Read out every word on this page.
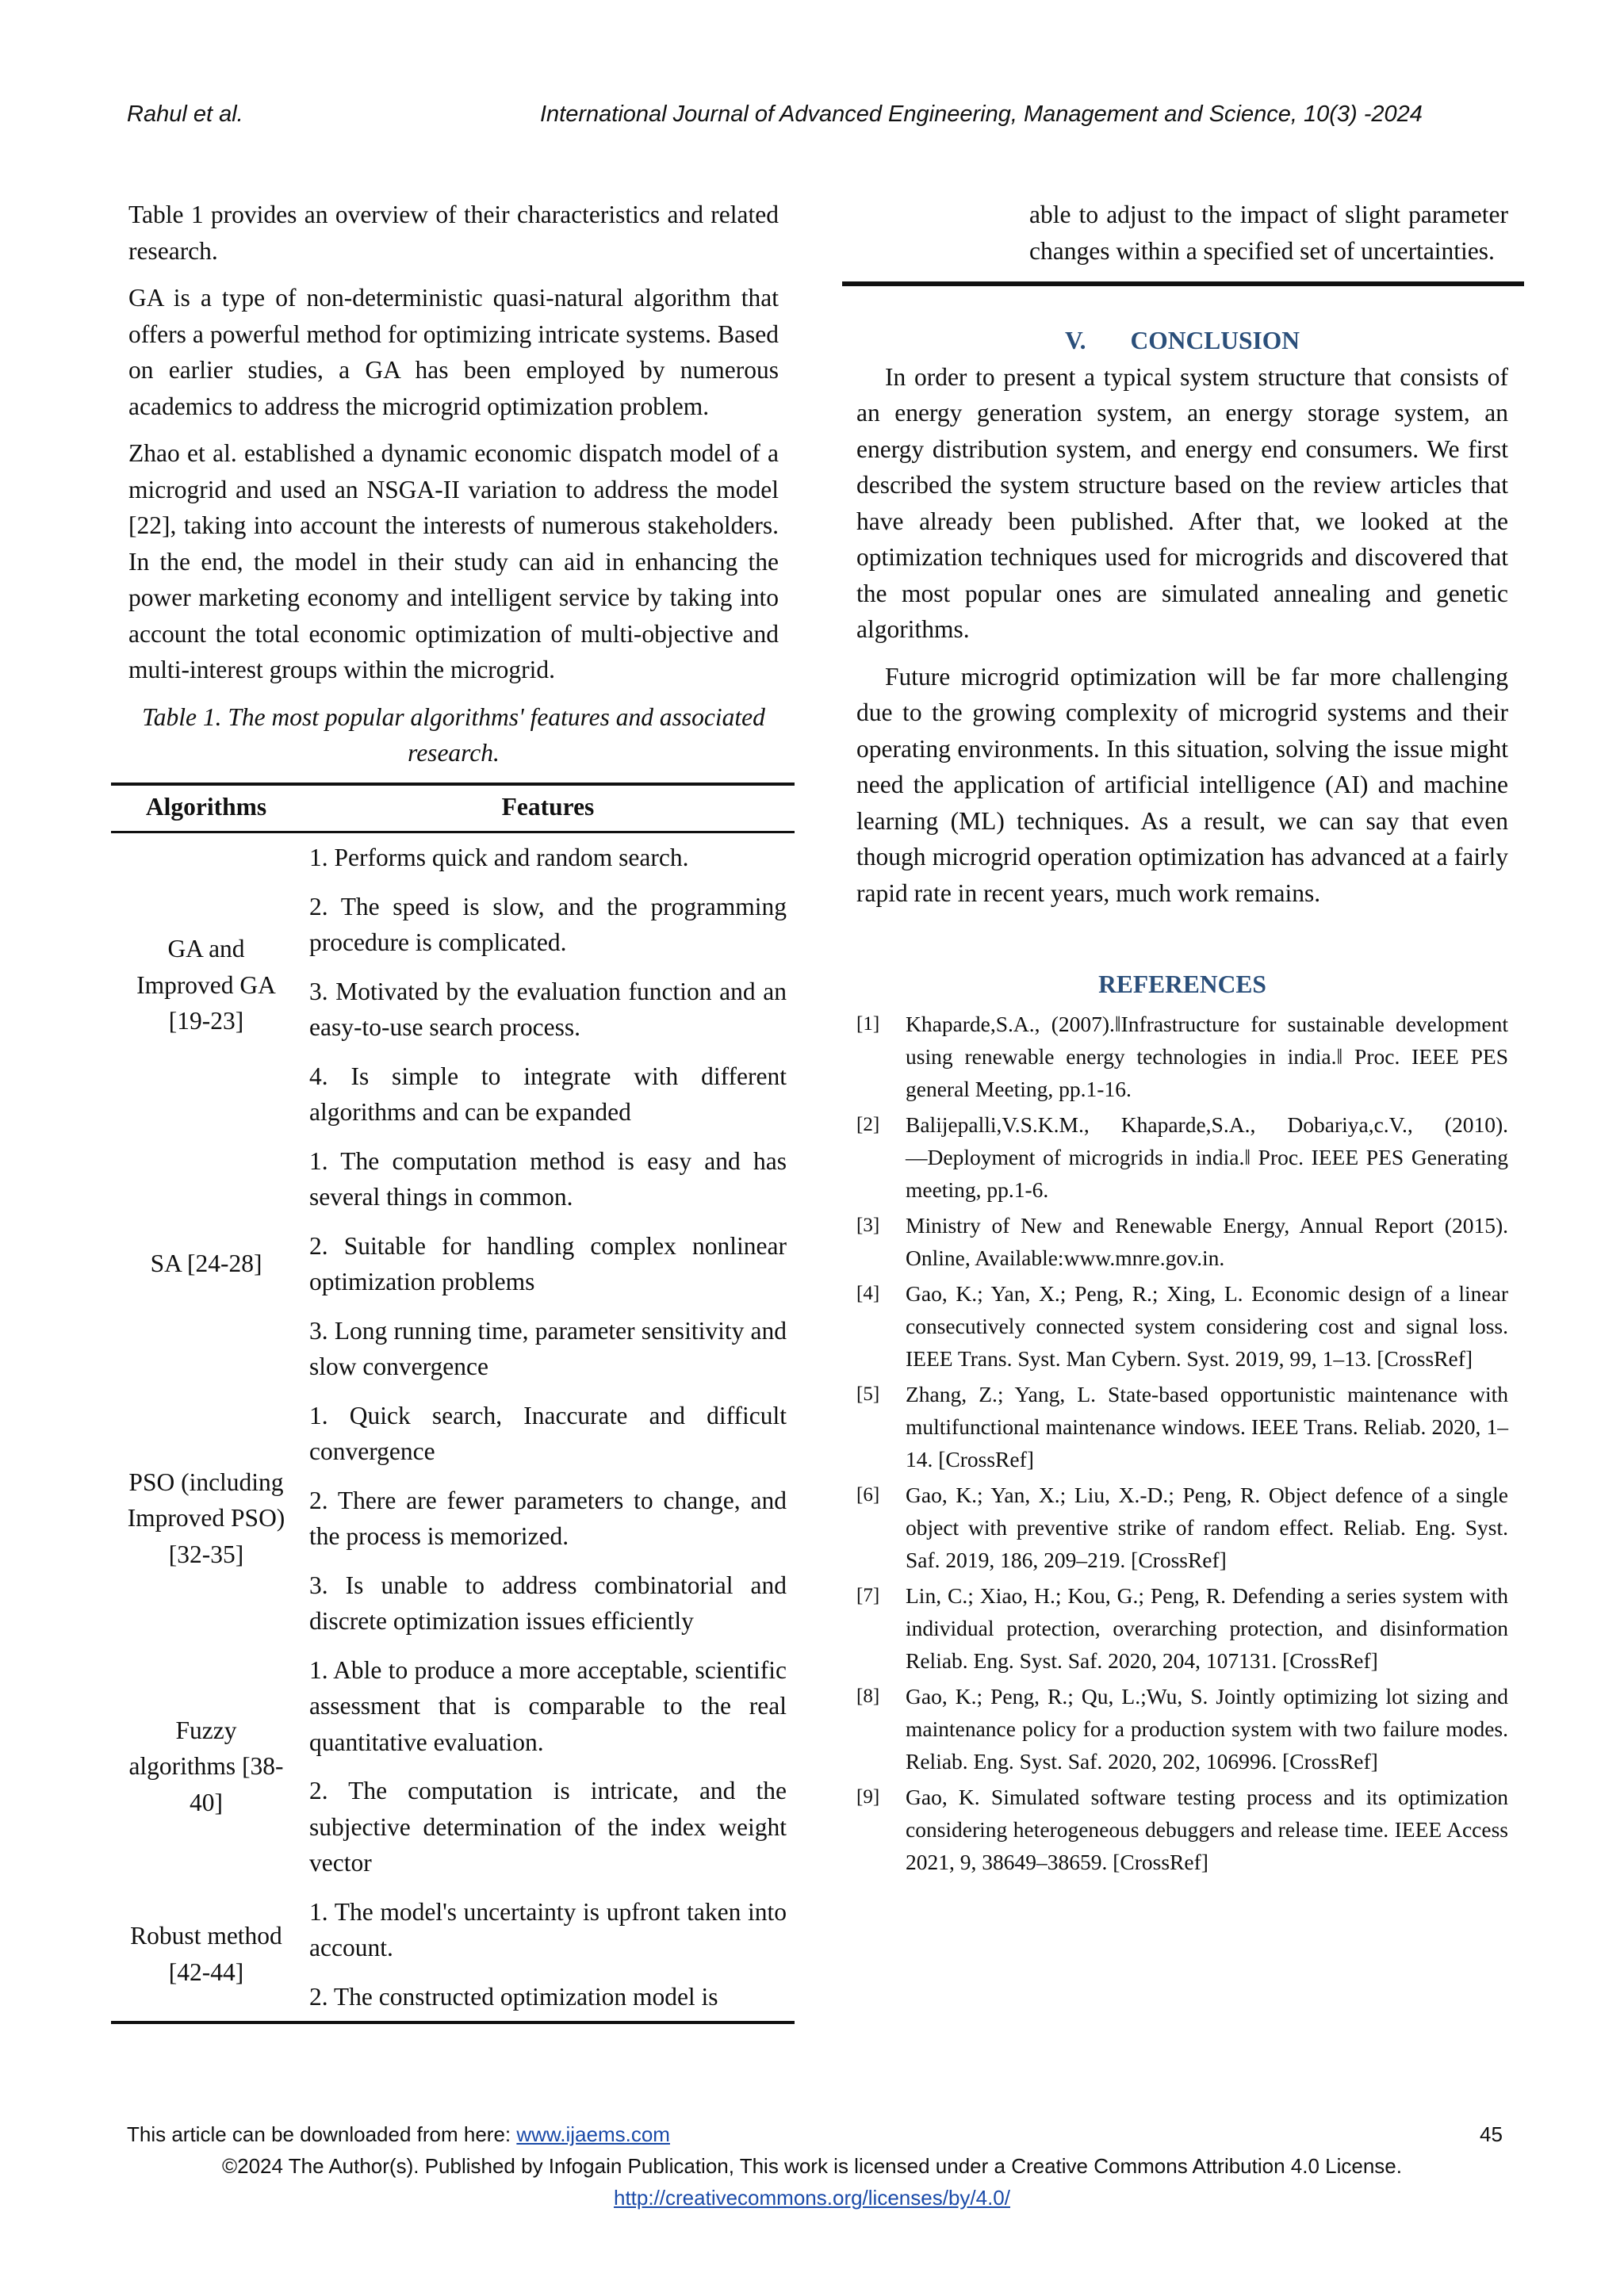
Rahul et al.	International Journal of Advanced Engineering, Management and Science, 10(3) -2024

Table 1 provides an overview of their characteristics and related research.

GA is a type of non-deterministic quasi-natural algorithm that offers a powerful method for optimizing intricate systems. Based on earlier studies, a GA has been employed by numerous academics to address the microgrid optimization problem.

Zhao et al. established a dynamic economic dispatch model of a microgrid and used an NSGA-II variation to address the model [22], taking into account the interests of numerous stakeholders. In the end, the model in their study can aid in enhancing the power marketing economy and intelligent service by taking into account the total economic optimization of multi-objective and multi-interest groups within the microgrid.

Table 1. The most popular algorithms' features and associated research.

Algorithms	Features
GA and Improved GA [19-23]	1. Performs quick and random search.
	2. The speed is slow, and the programming procedure is complicated.
	3. Motivated by the evaluation function and an easy-to-use search process.
	4. Is simple to integrate with different algorithms and can be expanded
SA [24-28]	1. The computation method is easy and has several things in common.
	2. Suitable for handling complex nonlinear optimization problems
	3. Long running time, parameter sensitivity and slow convergence
PSO (including Improved PSO) [32-35]	1. Quick search, Inaccurate and difficult convergence
	2. There are fewer parameters to change, and the process is memorized.
	3. Is unable to address combinatorial and discrete optimization issues efficiently
Fuzzy algorithms [38-40]	1. Able to produce a more acceptable, scientific assessment that is comparable to the real quantitative evaluation.
	2. The computation is intricate, and the subjective determination of the index weight vector
Robust method [42-44]	1. The model's uncertainty is upfront taken into account.
	2. The constructed optimization model is
able to adjust to the impact of slight parameter changes within a specified set of uncertainties.
V. CONCLUSION

In order to present a typical system structure that consists of an energy generation system, an energy storage system, an energy distribution system, and energy end consumers. We first described the system structure based on the review articles that have already been published. After that, we looked at the optimization techniques used for microgrids and discovered that the most popular ones are simulated annealing and genetic algorithms.

Future microgrid optimization will be far more challenging due to the growing complexity of microgrid systems and their operating environments. In this situation, solving the issue might need the application of artificial intelligence (AI) and machine learning (ML) techniques. As a result, we can say that even though microgrid operation optimization has advanced at a fairly rapid rate in recent years, much work remains.

REFERENCES
[1]	Khaparde,S.A., (2007).‖Infrastructure for sustainable development using renewable energy technologies in india.‖ Proc. IEEE PES general Meeting, pp.1-16.
[2]	Balijepalli,V.S.K.M., Khaparde,S.A., Dobariya,c.V., (2010). ―Deployment of microgrids in india.‖ Proc. IEEE PES Generating meeting, pp.1-6.
[3]	Ministry of New and Renewable Energy, Annual Report (2015). Online, Available:www.mnre.gov.in.
[4]	Gao, K.; Yan, X.; Peng, R.; Xing, L. Economic design of a linear consecutively connected system considering cost and signal loss. IEEE Trans. Syst. Man Cybern. Syst. 2019, 99, 1–13. [CrossRef]
[5]	Zhang, Z.; Yang, L. State-based opportunistic maintenance with multifunctional maintenance windows. IEEE Trans. Reliab. 2020, 1–14. [CrossRef]
[6]	Gao, K.; Yan, X.; Liu, X.-D.; Peng, R. Object defence of a single object with preventive strike of random effect. Reliab. Eng. Syst. Saf. 2019, 186, 209–219. [CrossRef]
[7]	Lin, C.; Xiao, H.; Kou, G.; Peng, R. Defending a series system with individual protection, overarching protection, and disinformation Reliab. Eng. Syst. Saf. 2020, 204, 107131. [CrossRef]
[8]	Gao, K.; Peng, R.; Qu, L.;Wu, S. Jointly optimizing lot sizing and maintenance policy for a production system with two failure modes. Reliab. Eng. Syst. Saf. 2020, 202, 106996. [CrossRef]
[9]	Gao, K. Simulated software testing process and its optimization considering heterogeneous debuggers and release time. IEEE Access 2021, 9, 38649–38659. [CrossRef]
This article can be downloaded from here: www.ijaems.com	45
©2024 The Author(s). Published by Infogain Publication, This work is licensed under a Creative Commons Attribution 4.0 License.
http://creativecommons.org/licenses/by/4.0/
